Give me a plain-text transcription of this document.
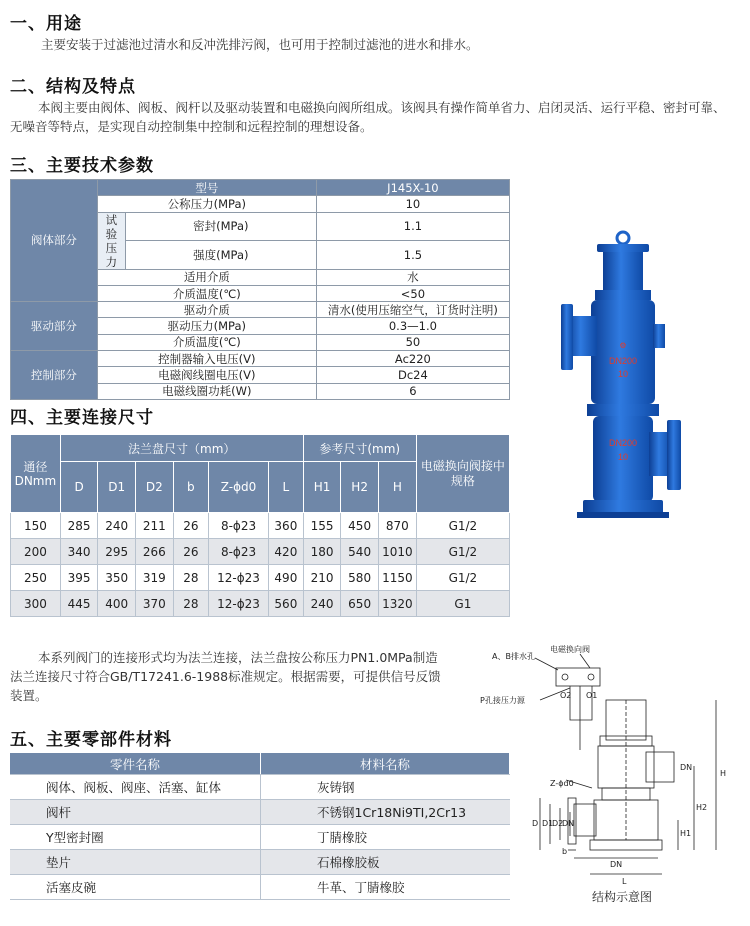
一、用途

主要安装于过滤池过清水和反冲洗排污阀，也可用于控制过滤池的进水和排水。

二、结构及特点

本阀主要由阀体、阀板、阀杆以及驱动装置和电磁换向阀所组成。该阀具有操作简单省力、启闭灵活、运行平稳、密封可靠、无噪音等特点，是实现自动控制集中控制和远程控制的理想设备。

三、主要技术参数
阀体部分	型号		J145X-10
	公称压力(MPa)		10
	试验压力	密封(MPa)	1.1
		强度(MPa)	1.5
	适用介质		水
	介质温度(℃)		<50
驱动部分	驱动介质		清水(使用压缩空气，订货时注明)
	驱动压力(MPa)		0.3—1.0
	介质温度(℃)		50
控制部分	控制器输入电压(V)		Ac220
	电磁阀线圈电压(V)		Dc24
	电磁线圈功耗(W)		6
⚙
DN200
10
DN200
10
四、主要连接尺寸
通径DNmm	法兰盘尺寸（mm）						参考尺寸(mm)			电磁换向阀接中规格
	D	D1	D2	b	Z-ϕd0	L	H1	H2	H	
150	285	240	211	26	8-ϕ23	360	155	450	870	G1/2
200	340	295	266	26	8-ϕ23	420	180	540	1010	G1/2
250	395	350	319	28	12-ϕ23	490	210	580	1150	G1/2
300	445	400	370	28	12-ϕ23	560	240	650	1320	G1

本系列阀门的连接形式均为法兰连接，法兰盘按公称压力PN1.0MPa制造法兰连接尺寸符合GB/T17241.6-1988标准规定。根据需要，可提供信号反馈装置。

电磁换向阀
A、B排水孔
P孔接压力源
O2 O1
Z-ϕd0
D D1
D2
DN
DN
b
DN
L
H
H1
H2
结构示意图
五、主要零部件材料
零件名称	材料名称
阀体、阀板、阀座、活塞、缸体	灰铸钢
阀杆	不锈钢1Cr18Ni9TI,2Cr13
Y型密封圈	丁腈橡胶
垫片	石棉橡胶板
活塞皮碗	牛革、丁腈橡胶
